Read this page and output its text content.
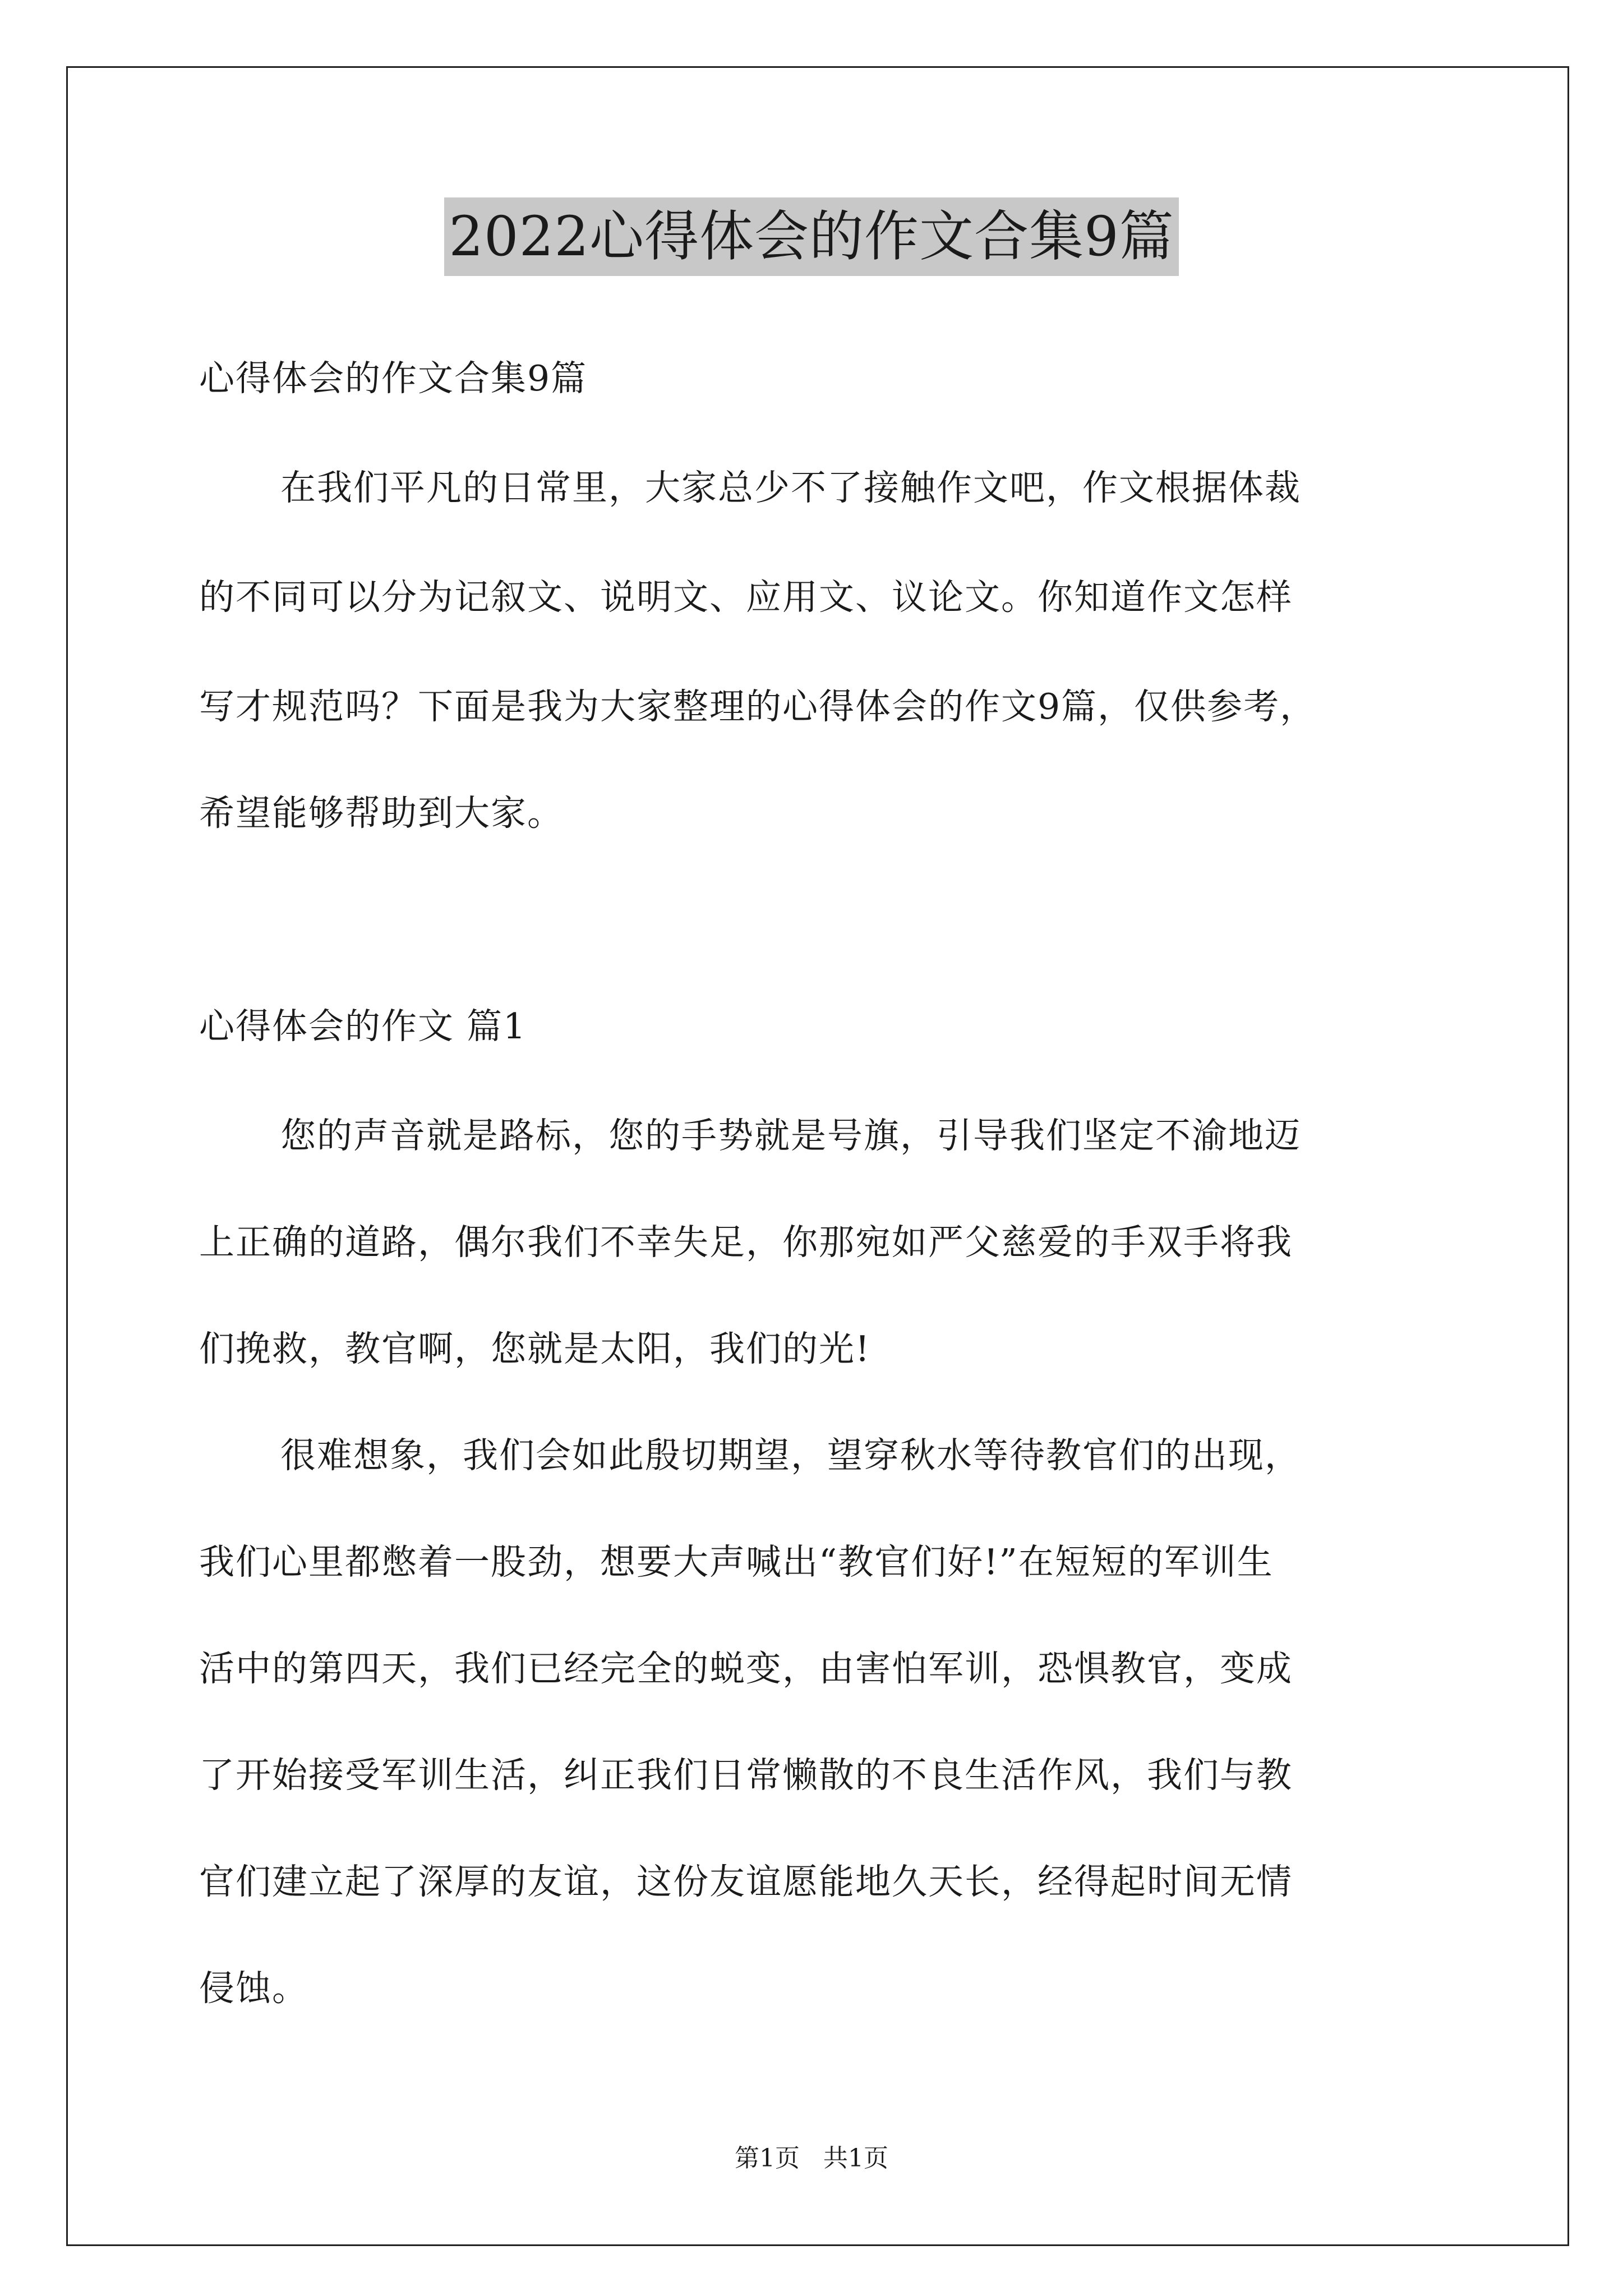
2022心得体会的作文合集9篇
心得体会的作文合集9篇
在我们平凡的日常里，大家总少不了接触作文吧，作文根据体裁
的不同可以分为记叙文、说明文、应用文、议论文。你知道作文怎样
写才规范吗？下面是我为大家整理的心得体会的作文9篇，仅供参考，
希望能够帮助到大家。
心得体会的作文 篇1
您的声音就是路标，您的手势就是号旗，引导我们坚定不渝地迈
上正确的道路，偶尔我们不幸失足，你那宛如严父慈爱的手双手将我
们挽救，教官啊，您就是太阳，我们的光!
很难想象，我们会如此殷切期望，望穿秋水等待教官们的出现，
我们心里都憋着一股劲，想要大声喊出“教官们好!”在短短的军训生
活中的第四天，我们已经完全的蜕变，由害怕军训，恐惧教官，变成
了开始接受军训生活，纠正我们日常懒散的不良生活作风，我们与教
官们建立起了深厚的友谊，这份友谊愿能地久天长，经得起时间无情
侵蚀。
第1页   共1页
